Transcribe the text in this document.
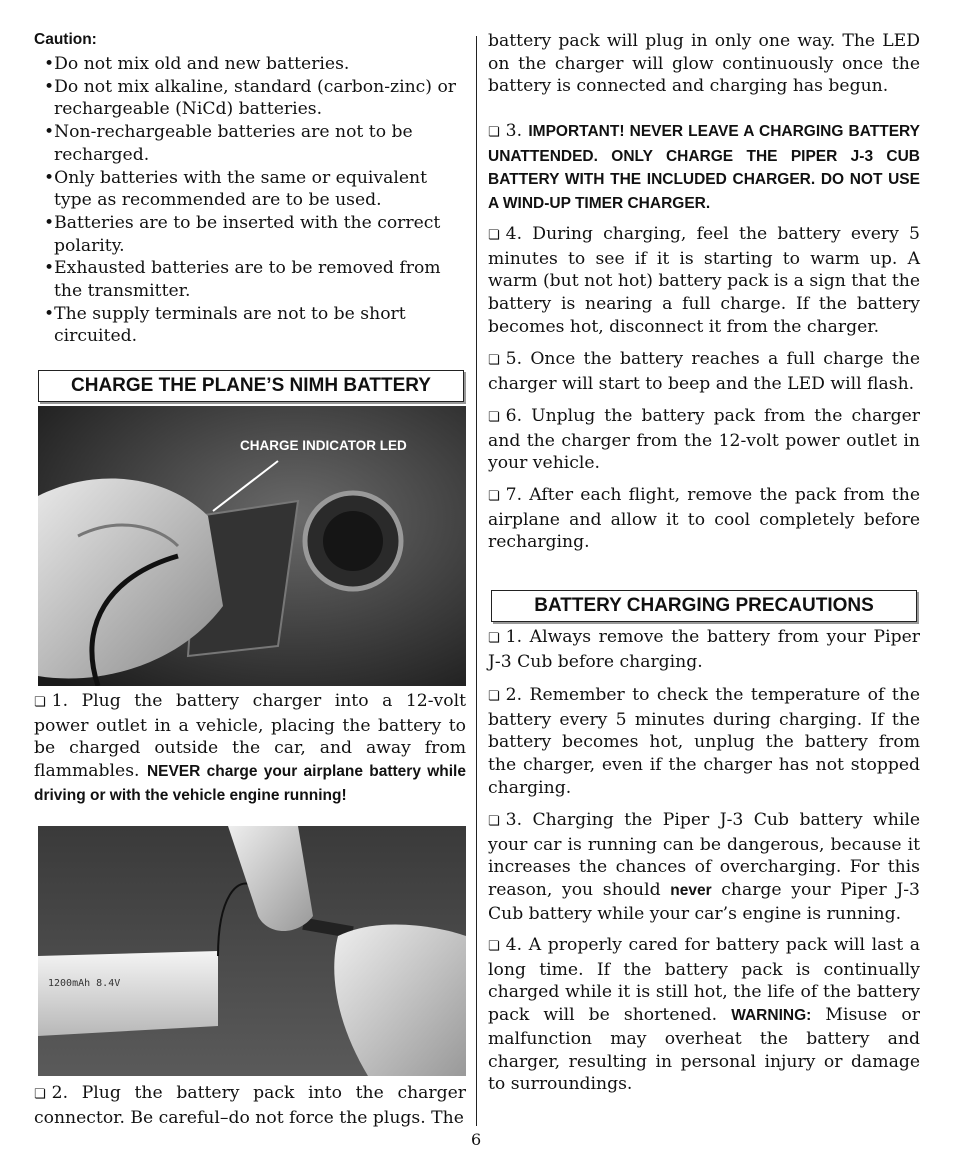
Caution:
• Do not mix old and new batteries.
• Do not mix alkaline, standard (carbon-zinc) or rechargeable (NiCd) batteries.
• Non-rechargeable batteries are not to be recharged.
• Only batteries with the same or equivalent type as recommended are to be used.
• Batteries are to be inserted with the correct polarity.
• Exhausted batteries are to be removed from the transmitter.
• The supply terminals are not to be short circuited.
CHARGE THE PLANE’S NIMH BATTERY
CHARGE INDICATOR LED

❏ 1. Plug the battery charger into a 12-volt power outlet in a vehicle, placing the battery to be charged outside the car, and away from flammables. NEVER charge your airplane battery while driving or with the vehicle engine running!

1200mAh 8.4V

❏ 2. Plug the battery pack into the charger connector. Be careful–do not force the plugs. The

battery pack will plug in only one way. The LED on the charger will glow continuously once the battery is connected and charging has begun.

❏ 3. IMPORTANT! NEVER LEAVE A CHARGING BATTERY UNATTENDED. ONLY CHARGE THE PIPER J-3 CUB BATTERY WITH THE INCLUDED CHARGER. DO NOT USE A WIND-UP TIMER CHARGER.

❏ 4. During charging, feel the battery every 5 minutes to see if it is starting to warm up. A warm (but not hot) battery pack is a sign that the battery is nearing a full charge. If the battery becomes hot, disconnect it from the charger.

❏ 5. Once the battery reaches a full charge the charger will start to beep and the LED will flash.

❏ 6. Unplug the battery pack from the charger and the charger from the 12-volt power outlet in your vehicle.

❏ 7. After each flight, remove the pack from the airplane and allow it to cool completely before recharging.

BATTERY CHARGING PRECAUTIONS

❏ 1. Always remove the battery from your Piper J-3 Cub before charging.

❏ 2. Remember to check the temperature of the battery every 5 minutes during charging. If the battery becomes hot, unplug the battery from the charger, even if the charger has not stopped charging.

❏ 3. Charging the Piper J-3 Cub battery while your car is running can be dangerous, because it increases the chances of overcharging. For this reason, you should never charge your Piper J-3 Cub battery while your car’s engine is running.

❏ 4. A properly cared for battery pack will last a long time. If the battery pack is continually charged while it is still hot, the life of the battery pack will be shortened. WARNING: Misuse or malfunction may overheat the battery and charger, resulting in personal injury or damage to surroundings.

6
